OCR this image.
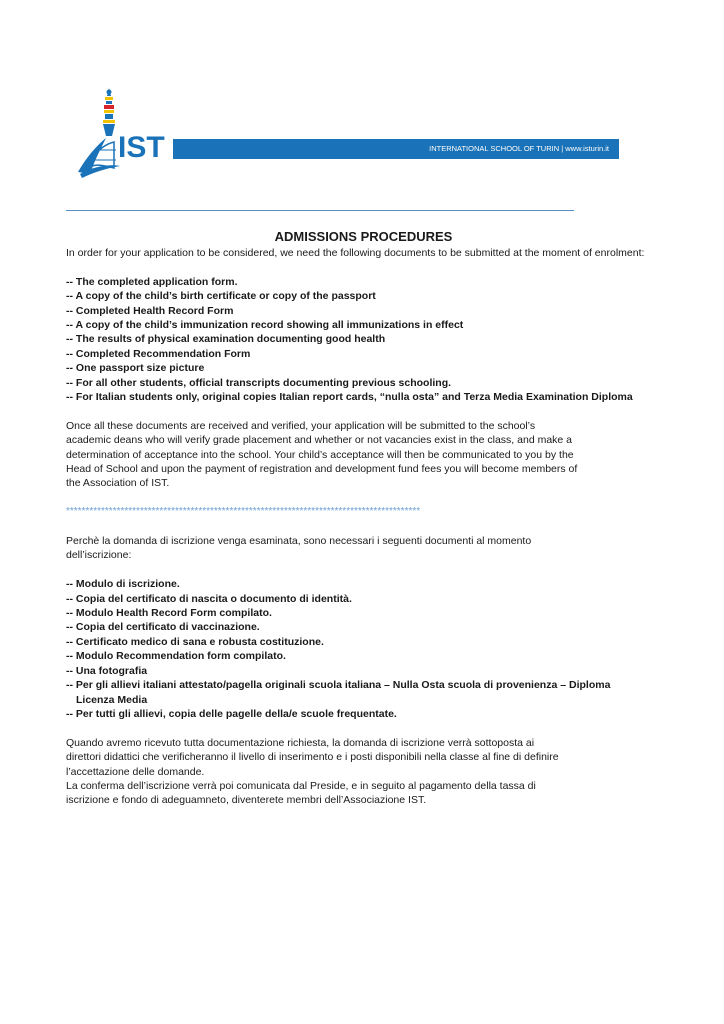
IST	INTERNATIONAL SCHOOL OF TURIN | www.isturin.it
ADMISSIONS PROCEDURES

In order for your application to be considered, we need the following documents to be submitted at the moment of enrolment:

-- The completed application form.
-- A copy of the child’s birth certificate or copy of the passport
-- Completed Health Record Form
-- A copy of the child’s immunization record showing all immunizations in effect
-- The results of physical examination documenting good health
-- Completed Recommendation Form
-- One passport size picture
-- For all other students, official transcripts documenting previous schooling.
-- For Italian students only, original copies Italian report cards, “nulla osta” and Terza Media Examination Diploma

Once all these documents are received and verified, your application will be submitted to the school’s academic deans who will verify grade placement and whether or not vacancies exist in the class, and make a determination of acceptance into the school. Your child’s acceptance will then be communicated to you by the Head of School and upon the payment of registration and development fund fees you will become members of the Association of IST.

*******************************************************************************************

Perchè la domanda di iscrizione venga esaminata, sono necessari i seguenti documenti al momento dell’iscrizione:

-- Modulo di iscrizione.
-- Copia del certificato di nascita o documento di identità.
-- Modulo Health Record Form compilato.
-- Copia del certificato di vaccinazione.
-- Certificato medico di sana e robusta costituzione.
-- Modulo Recommendation form compilato.
-- Una fotografia
-- Per gli allievi italiani attestato/pagella originali scuola italiana – Nulla Osta scuola di provenienza – Diploma Licenza Media
-- Per tutti gli allievi, copia delle pagelle della/e scuole frequentate.

Quando avremo ricevuto tutta documentazione richiesta, la domanda di iscrizione verrà sottoposta ai direttori didattici che verificheranno il livello di inserimento e i posti disponibili nella classe al fine di definire l’accettazione delle domande.

La conferma dell’iscrizione verrà poi comunicata dal Preside, e in seguito al pagamento della tassa di iscrizione e fondo di adeguamneto, diventerete membri dell’Associazione IST.
